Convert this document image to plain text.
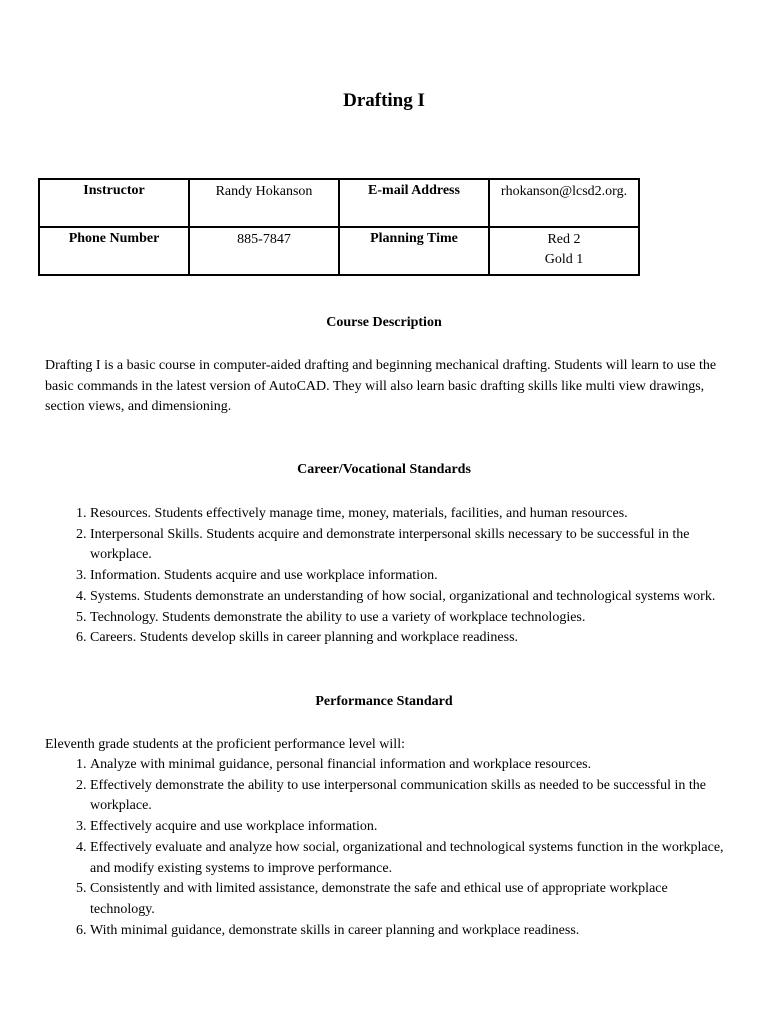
Drafting I
Instructor	Randy Hokanson	E-mail Address	rhokanson@lcsd2.org.
Phone Number	885-7847	Planning Time	Red 2
Gold 1
Course Description

Drafting I is a basic course in computer-aided drafting and beginning mechanical drafting. Students will learn to use the basic commands in the latest version of AutoCAD. They will also learn basic drafting skills like multi view drawings, section views, and dimensioning.

Career/Vocational Standards
1. Resources. Students effectively manage time, money, materials, facilities, and human resources.
2. Interpersonal Skills. Students acquire and demonstrate interpersonal skills necessary to be successful in the workplace.
3. Information. Students acquire and use workplace information.
4. Systems. Students demonstrate an understanding of how social, organizational and technological systems work.
5. Technology. Students demonstrate the ability to use a variety of workplace technologies.
6. Careers. Students develop skills in career planning and workplace readiness.
Performance Standard

Eleventh grade students at the proficient performance level will:

1. Analyze with minimal guidance, personal financial information and workplace resources.
2. Effectively demonstrate the ability to use interpersonal communication skills as needed to be successful in the workplace.
3. Effectively acquire and use workplace information.
4. Effectively evaluate and analyze how social, organizational and technological systems function in the workplace, and modify existing systems to improve performance.
5. Consistently and with limited assistance, demonstrate the safe and ethical use of appropriate workplace technology.
6. With minimal guidance, demonstrate skills in career planning and workplace readiness.
